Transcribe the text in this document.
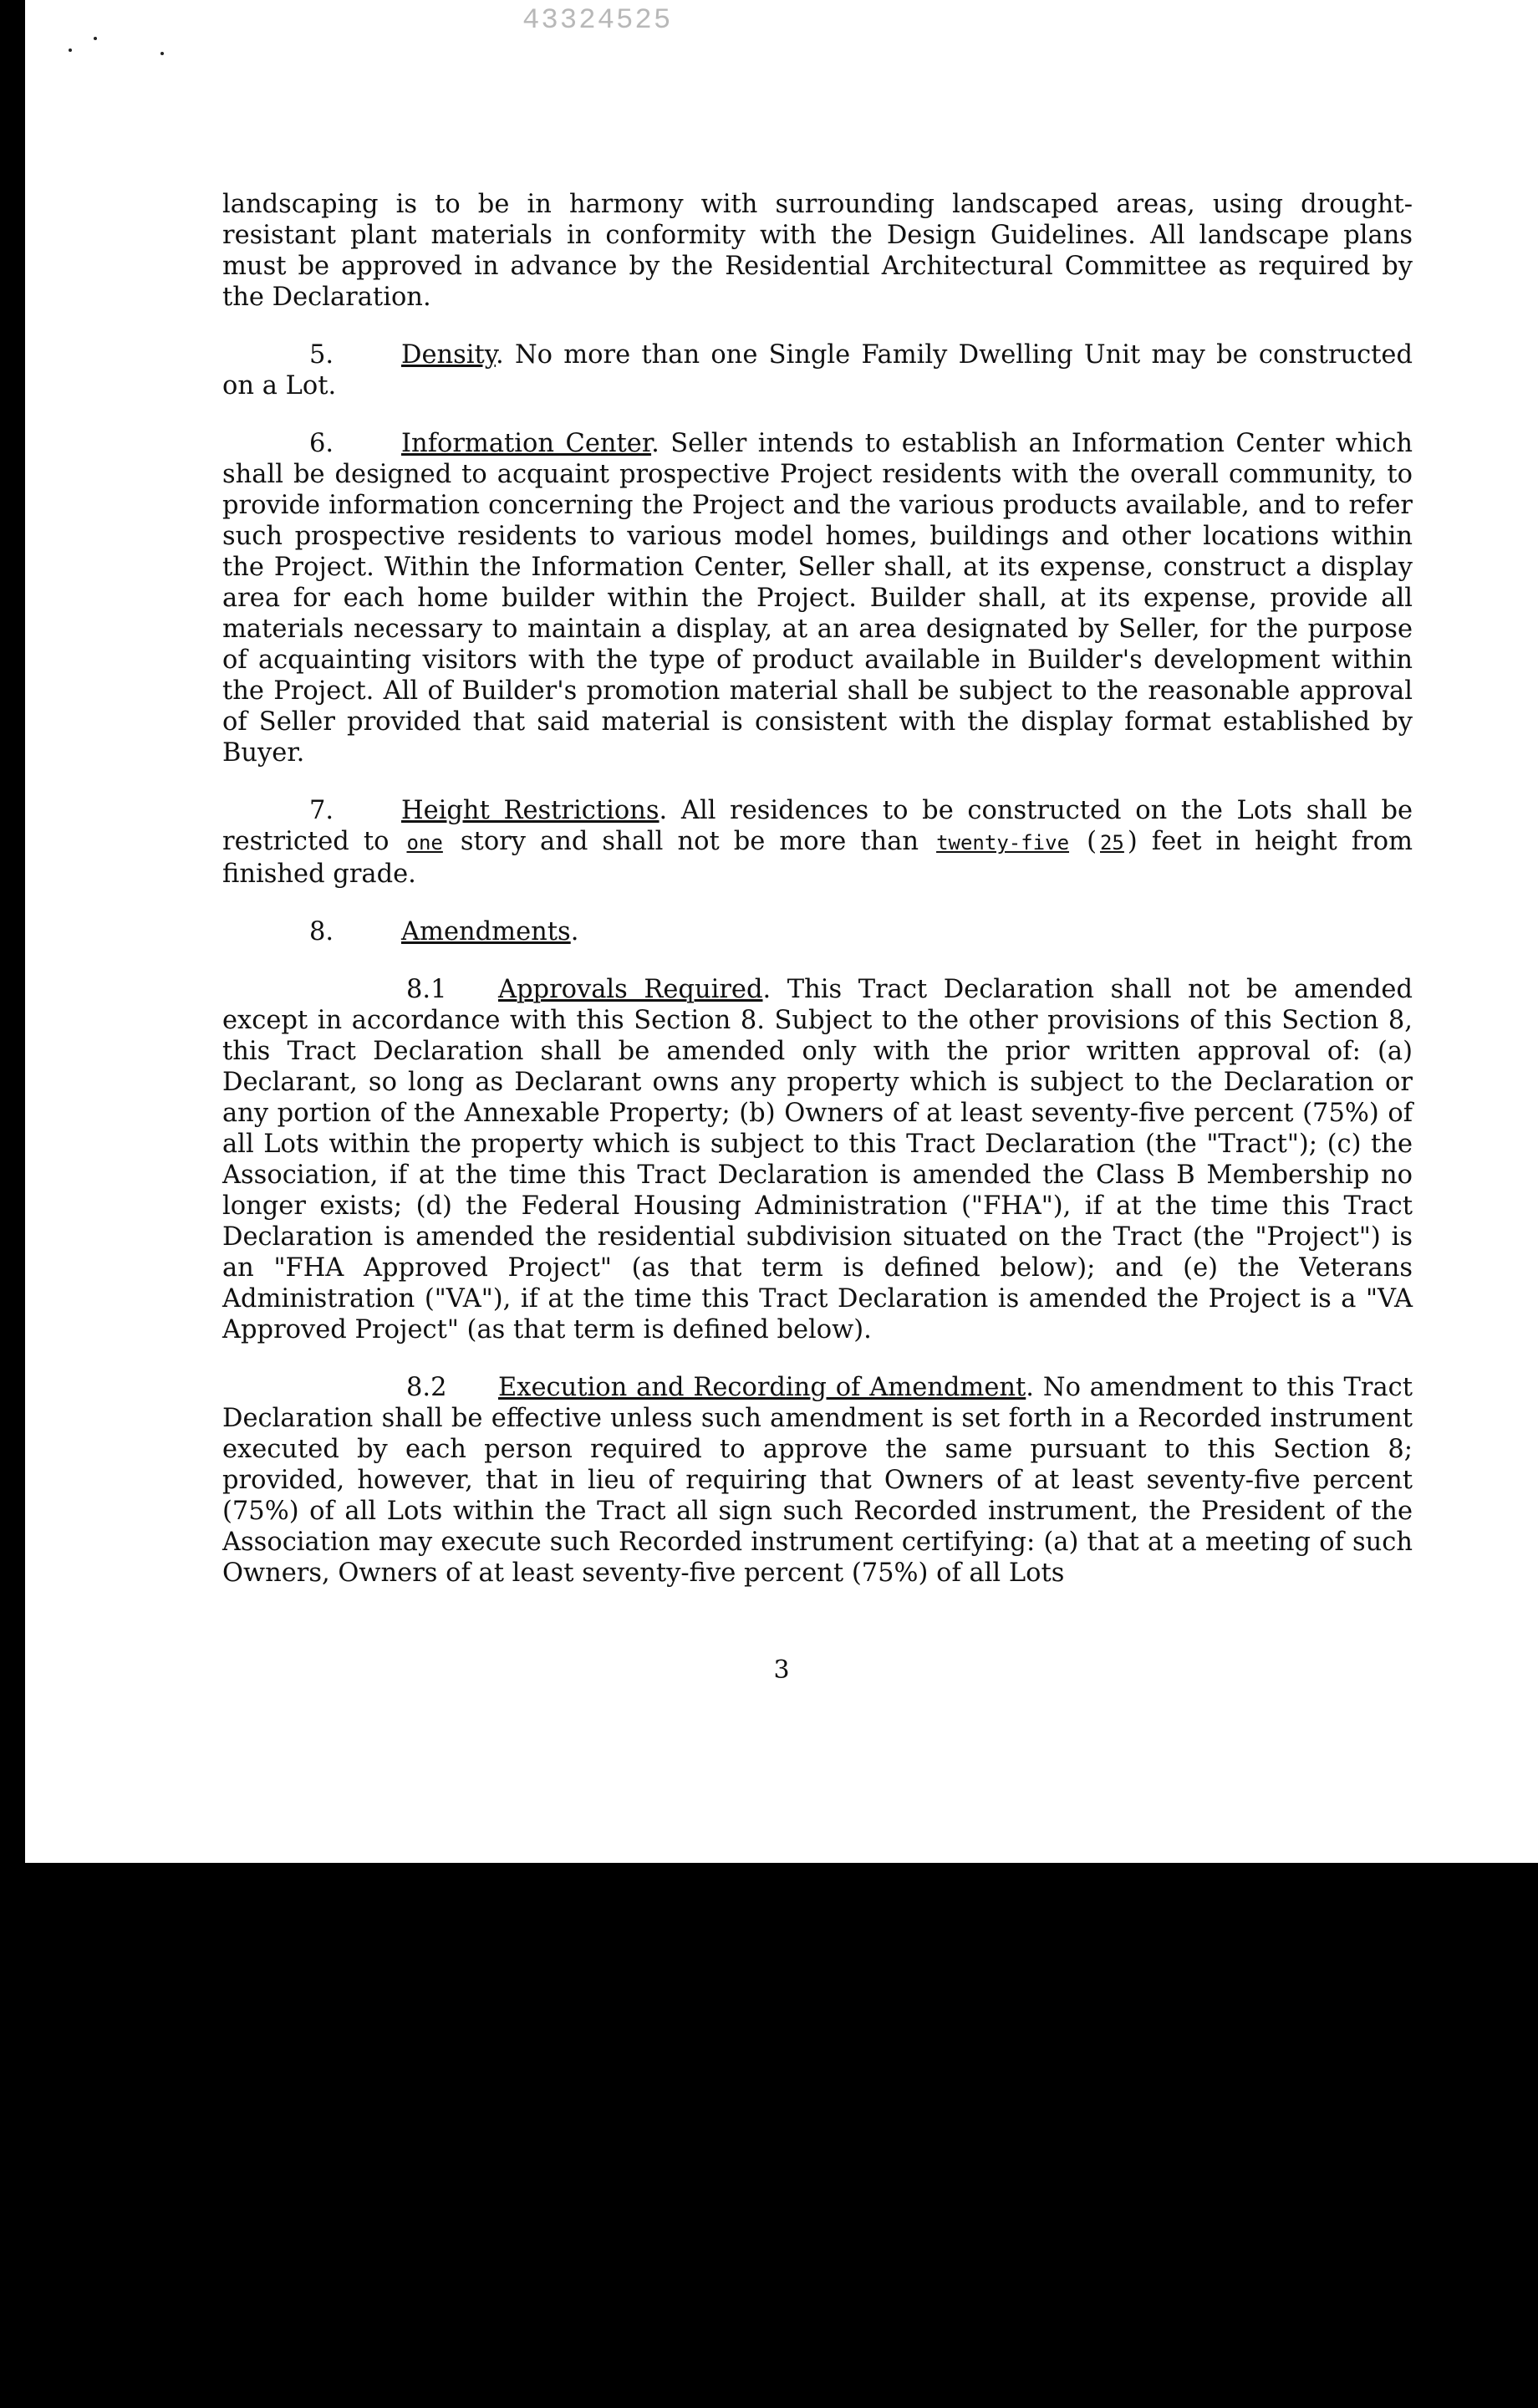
43324525

landscaping is to be in harmony with surrounding landscaped areas, using drought-resistant plant materials in conformity with the Design Guidelines. All landscape plans must be approved in advance by the Residential Architectural Committee as required by the Declaration.

5.	Density. No more than one Single Family Dwelling Unit may be constructed on a Lot.

6.	Information Center. Seller intends to establish an Information Center which shall be designed to acquaint prospective Project residents with the overall community, to provide information concerning the Project and the various products available, and to refer such prospective residents to various model homes, buildings and other locations within the Project. Within the Information Center, Seller shall, at its expense, construct a display area for each home builder within the Project. Builder shall, at its expense, provide all materials necessary to maintain a display, at an area designated by Seller, for the purpose of acquainting visitors with the type of product available in Builder's development within the Project. All of Builder's promotion material shall be subject to the reasonable approval of Seller provided that said material is consistent with the display format established by Buyer.

7.	Height Restrictions. All residences to be constructed on the Lots shall be restricted to one story and shall not be more than twenty-five ( 25 ) feet in height from finished grade.

8.	Amendments.

8.1 Approvals Required. This Tract Declaration shall not be amended except in accordance with this Section 8. Subject to the other provisions of this Section 8, this Tract Declaration shall be amended only with the prior written approval of: (a) Declarant, so long as Declarant owns any property which is subject to the Declaration or any portion of the Annexable Property; (b) Owners of at least seventy-five percent (75%) of all Lots within the property which is subject to this Tract Declaration (the "Tract"); (c) the Association, if at the time this Tract Declaration is amended the Class B Membership no longer exists; (d) the Federal Housing Administration ("FHA"), if at the time this Tract Declaration is amended the residential subdivision situated on the Tract (the "Project") is an "FHA Approved Project" (as that term is defined below); and (e) the Veterans Administration ("VA"), if at the time this Tract Declaration is amended the Project is a "VA Approved Project" (as that term is defined below).

8.2 Execution and Recording of Amendment. No amendment to this Tract Declaration shall be effective unless such amendment is set forth in a Recorded instrument executed by each person required to approve the same pursuant to this Section 8; provided, however, that in lieu of requiring that Owners of at least seventy-five percent (75%) of all Lots within the Tract all sign such Recorded instrument, the President of the Association may execute such Recorded instrument certifying: (a) that at a meeting of such Owners, Owners of at least seventy-five percent (75%) of all Lots

3
